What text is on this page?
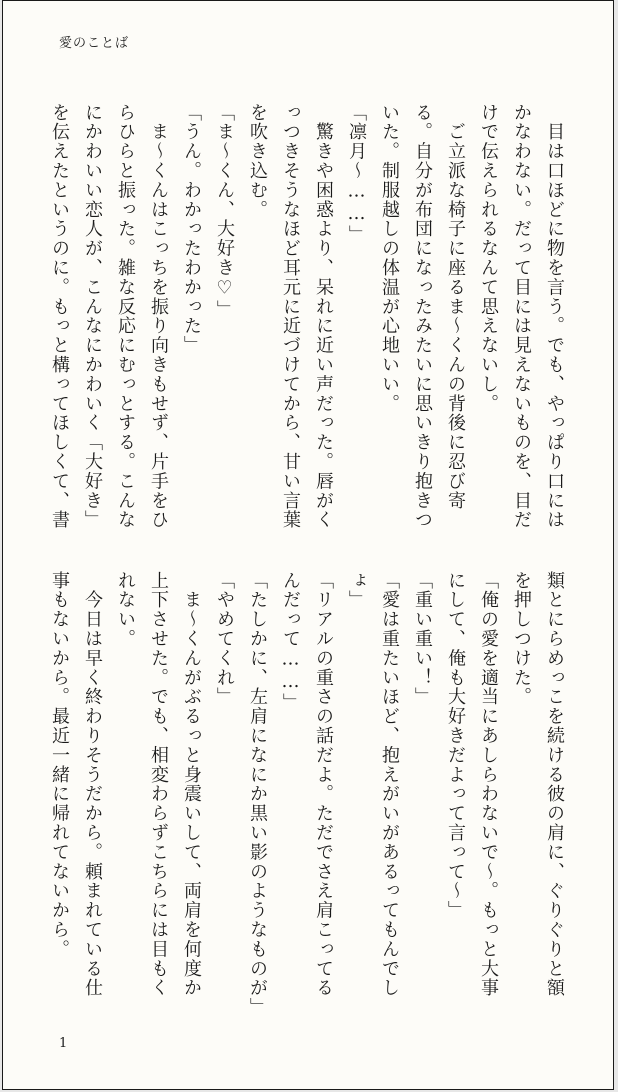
愛のことば

　目は口ほどに物を言う。でも、やっぱり口にはかなわない。だって目には見えないものを、目だけで伝えられるなんて思えないし。

　ご立派な椅子に座るま〜くんの背後に忍び寄る。自分が布団になったみたいに思いきり抱きついた。制服越しの体温が心地いい。

「凛月〜……」

　驚きや困惑より、呆れに近い声だった。唇がくっつきそうなほど耳元に近づけてから、甘い言葉を吹き込む。

「ま〜くん、大好き♡」

「うん。わかったわかった」

　ま〜くんはこっちを振り向きもせず、片手をひらひらと振った。雑な反応にむっとする。こんなにかわいい恋人が、こんなにかわいく「大好き」を伝えたというのに。もっと構ってほしくて、書

類とにらめっこを続ける彼の肩に、ぐりぐりと額を押しつけた。

「俺の愛を適当にあしらわないで〜。もっと大事にして、俺も大好きだよって言って〜」

「重い重い！」

「愛は重たいほど、抱えがいがあるってもんでしょ」

「リアルの重さの話だよ。ただでさえ肩こってるんだって……」

「たしかに、左肩になにか黒い影のようなものが」

「やめてくれ」

　ま〜くんがぶるっと身震いして、両肩を何度か上下させた。でも、相変わらずこちらには目もくれない。

　今日は早く終わりそうだから。頼まれている仕事もないから。最近一緒に帰れてないから。

1
